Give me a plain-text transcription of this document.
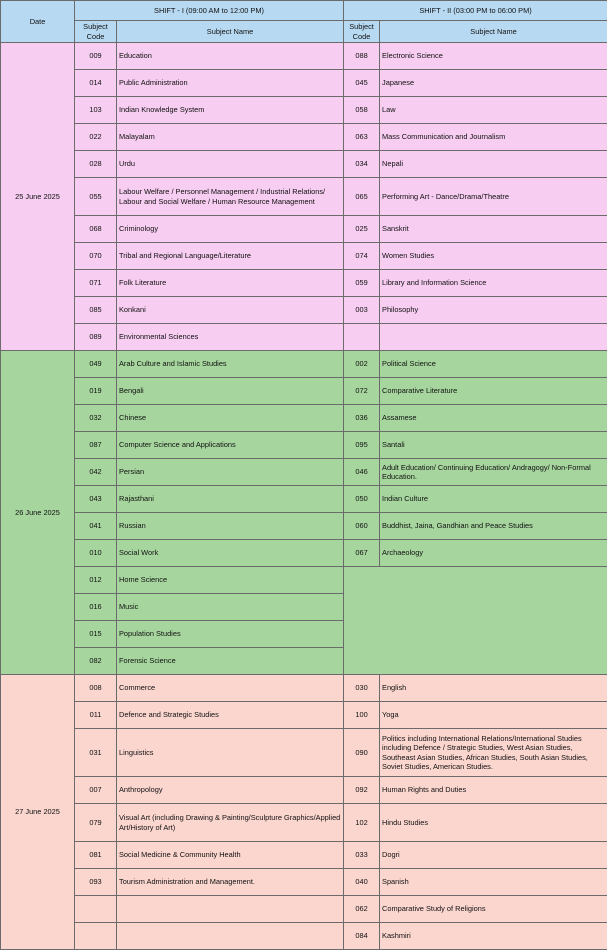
Date	SHIFT - I (09:00 AM to 12:00 PM)		SHIFT - II (03:00 PM to 06:00 PM)	
	Subject Code	Subject Name	Subject Code	Subject Name
25 June 2025	009	Education	088	Electronic Science
	014	Public Administration	045	Japanese
	103	Indian Knowledge System	058	Law
	022	Malayalam	063	Mass Communication and Journalism
	028	Urdu	034	Nepali
	055	Labour Welfare / Personnel Management / Industrial Relations/ Labour and Social Welfare / Human Resource Management	065	Performing Art - Dance/Drama/Theatre
	068	Criminology	025	Sanskrit
	070	Tribal and Regional Language/Literature	074	Women Studies
	071	Folk Literature	059	Library and Information Science
	085	Konkani	003	Philosophy
	089	Environmental Sciences		
26 June 2025	049	Arab Culture and Islamic Studies	002	Political Science
	019	Bengali	072	Comparative Literature
	032	Chinese	036	Assamese
	087	Computer Science and Applications	095	Santali
	042	Persian	046	Adult Education/ Continuing Education/ Andragogy/ Non-Formal Education.
	043	Rajasthani	050	Indian Culture
	041	Russian	060	Buddhist, Jaina, Gandhian and Peace Studies
	010	Social Work	067	Archaeology
	012	Home Science		
	016	Music		
	015	Population Studies		
	082	Forensic Science		
27 June 2025	008	Commerce	030	English
	011	Defence and Strategic Studies	100	Yoga
	031	Linguistics	090	Politics including International Relations/International Studies including Defence / Strategic Studies, West Asian Studies, Southeast Asian Studies, African Studies, South Asian Studies, Soviet Studies, American Studies.
	007	Anthropology	092	Human Rights and Duties
	079	Visual Art (including Drawing & Painting/Sculpture Graphics/Applied Art/History of Art)	102	Hindu Studies
	081	Social Medicine & Community Health	033	Dogri
	093	Tourism Administration and Management.	040	Spanish
			062	Comparative Study of Religions
			084	Kashmiri
